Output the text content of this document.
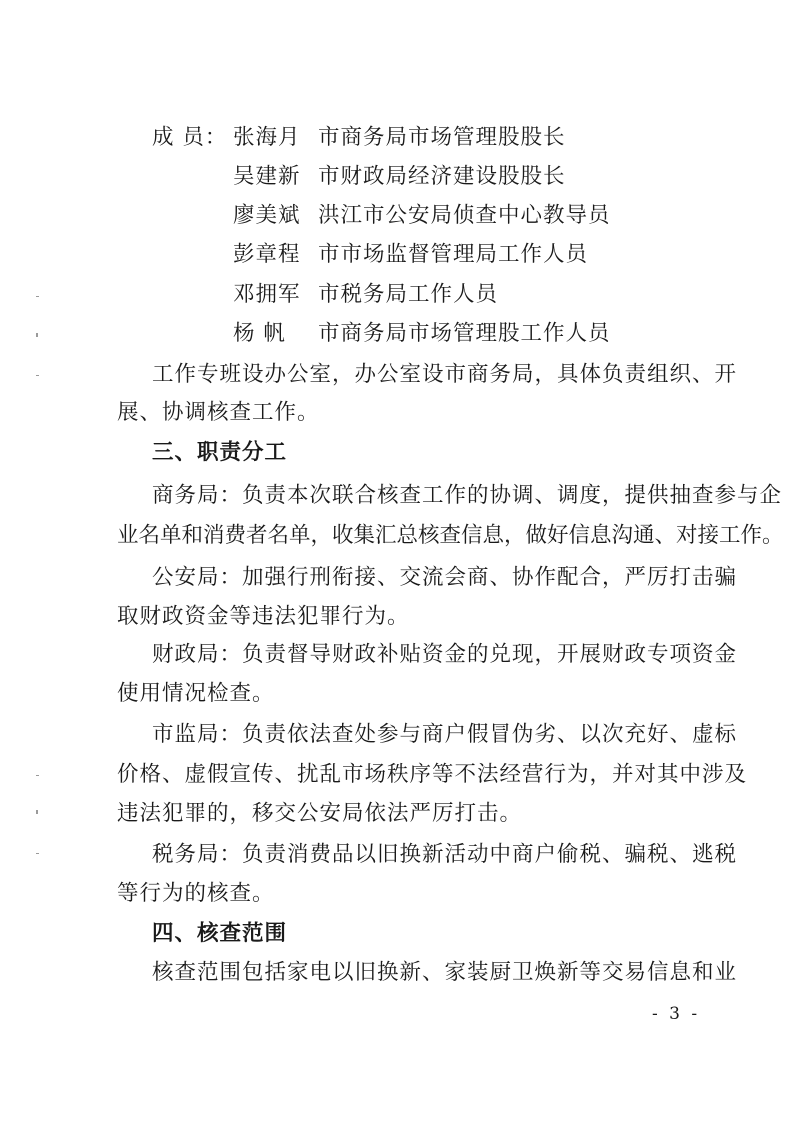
成 员： 张海月 市商务局市场管理股股长
吴建新 市财政局经济建设股股长
廖美斌 洪江市公安局侦查中心教导员
彭章程 市市场监督管理局工作人员
邓拥军 市税务局工作人员
杨 帆 市商务局市场管理股工作人员
工作专班设办公室，办公室设市商务局，具体负责组织、开
展、协调核查工作。
三、职责分工
商务局：负责本次联合核查工作的协调、调度，提供抽查参与企
业名单和消费者名单，收集汇总核查信息，做好信息沟通、对接工作。
公安局：加强行刑衔接、交流会商、协作配合，严厉打击骗
取财政资金等违法犯罪行为。
财政局：负责督导财政补贴资金的兑现，开展财政专项资金
使用情况检查。
市监局：负责依法查处参与商户假冒伪劣、以次充好、虚标
价格、虚假宣传、扰乱市场秩序等不法经营行为，并对其中涉及
违法犯罪的，移交公安局依法严厉打击。
税务局：负责消费品以旧换新活动中商户偷税、骗税、逃税
等行为的核查。
四、核查范围
核查范围包括家电以旧换新、家装厨卫焕新等交易信息和业
- 3 -
